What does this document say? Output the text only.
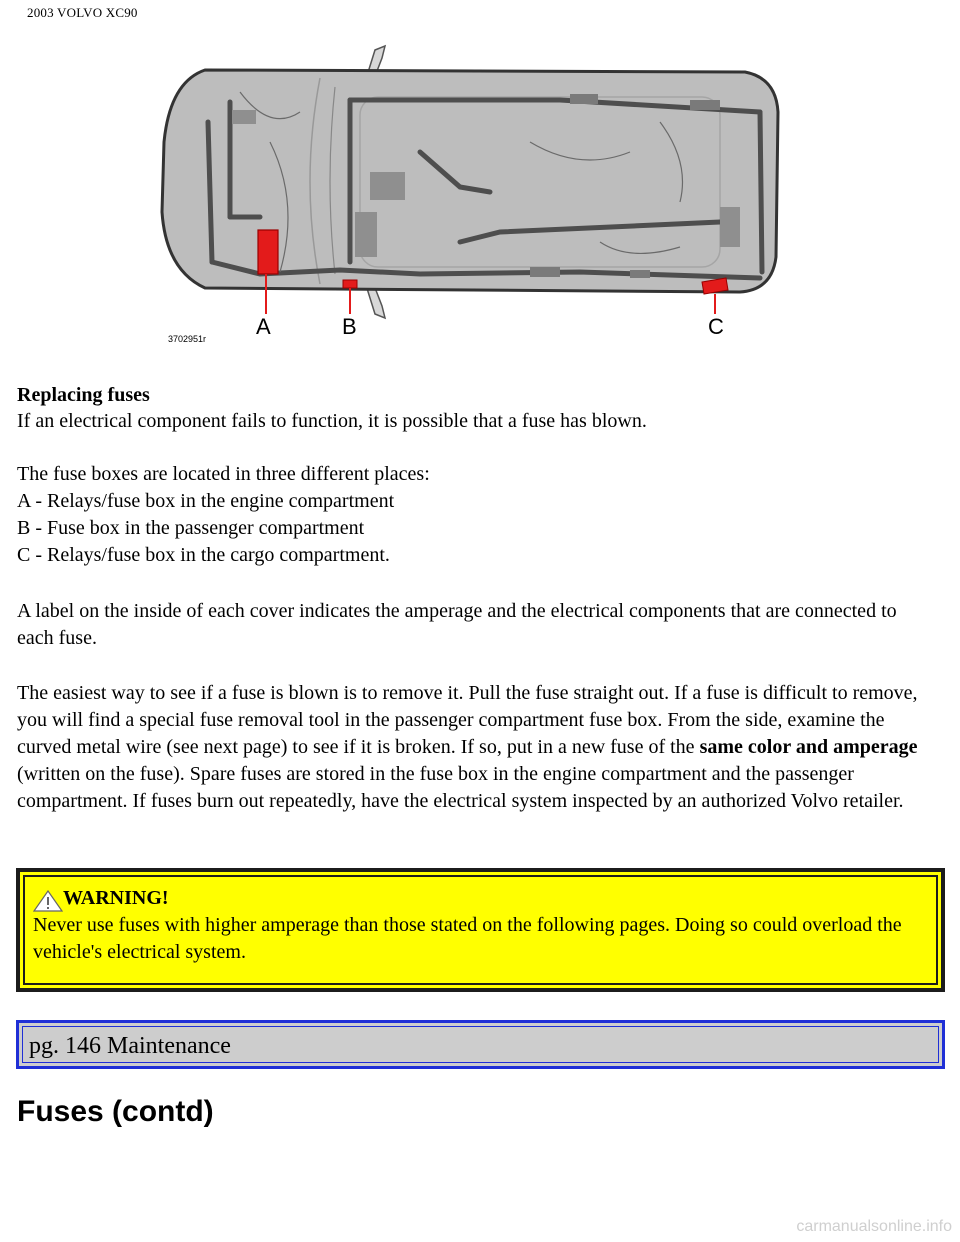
2003 VOLVO XC90
A	B	C
3702951r
Replacing fuses
If an electrical component fails to function, it is possible that a fuse has blown.
The fuse boxes are located in three different places:
A - Relays/fuse box in the engine compartment
B - Fuse box in the passenger compartment
C - Relays/fuse box in the cargo compartment.
A label on the inside of each cover indicates the amperage and the electrical components that are connected to each fuse.
The easiest way to see if a fuse is blown is to remove it. Pull the fuse straight out. If a fuse is difficult to remove, you will find a special fuse removal tool in the passenger compartment fuse box. From the side, examine the curved metal wire (see next page) to see if it is broken. If so, put in a new fuse of the same color and amperage (written on the fuse). Spare fuses are stored in the fuse box in the engine compartment and the passenger compartment. If fuses burn out repeatedly, have the electrical system inspected by an authorized Volvo retailer.
WARNING!
Never use fuses with higher amperage than those stated on the following pages. Doing so could overload the vehicle's electrical system.
pg. 146 Maintenance
Fuses (contd)
carmanualsonline.info
